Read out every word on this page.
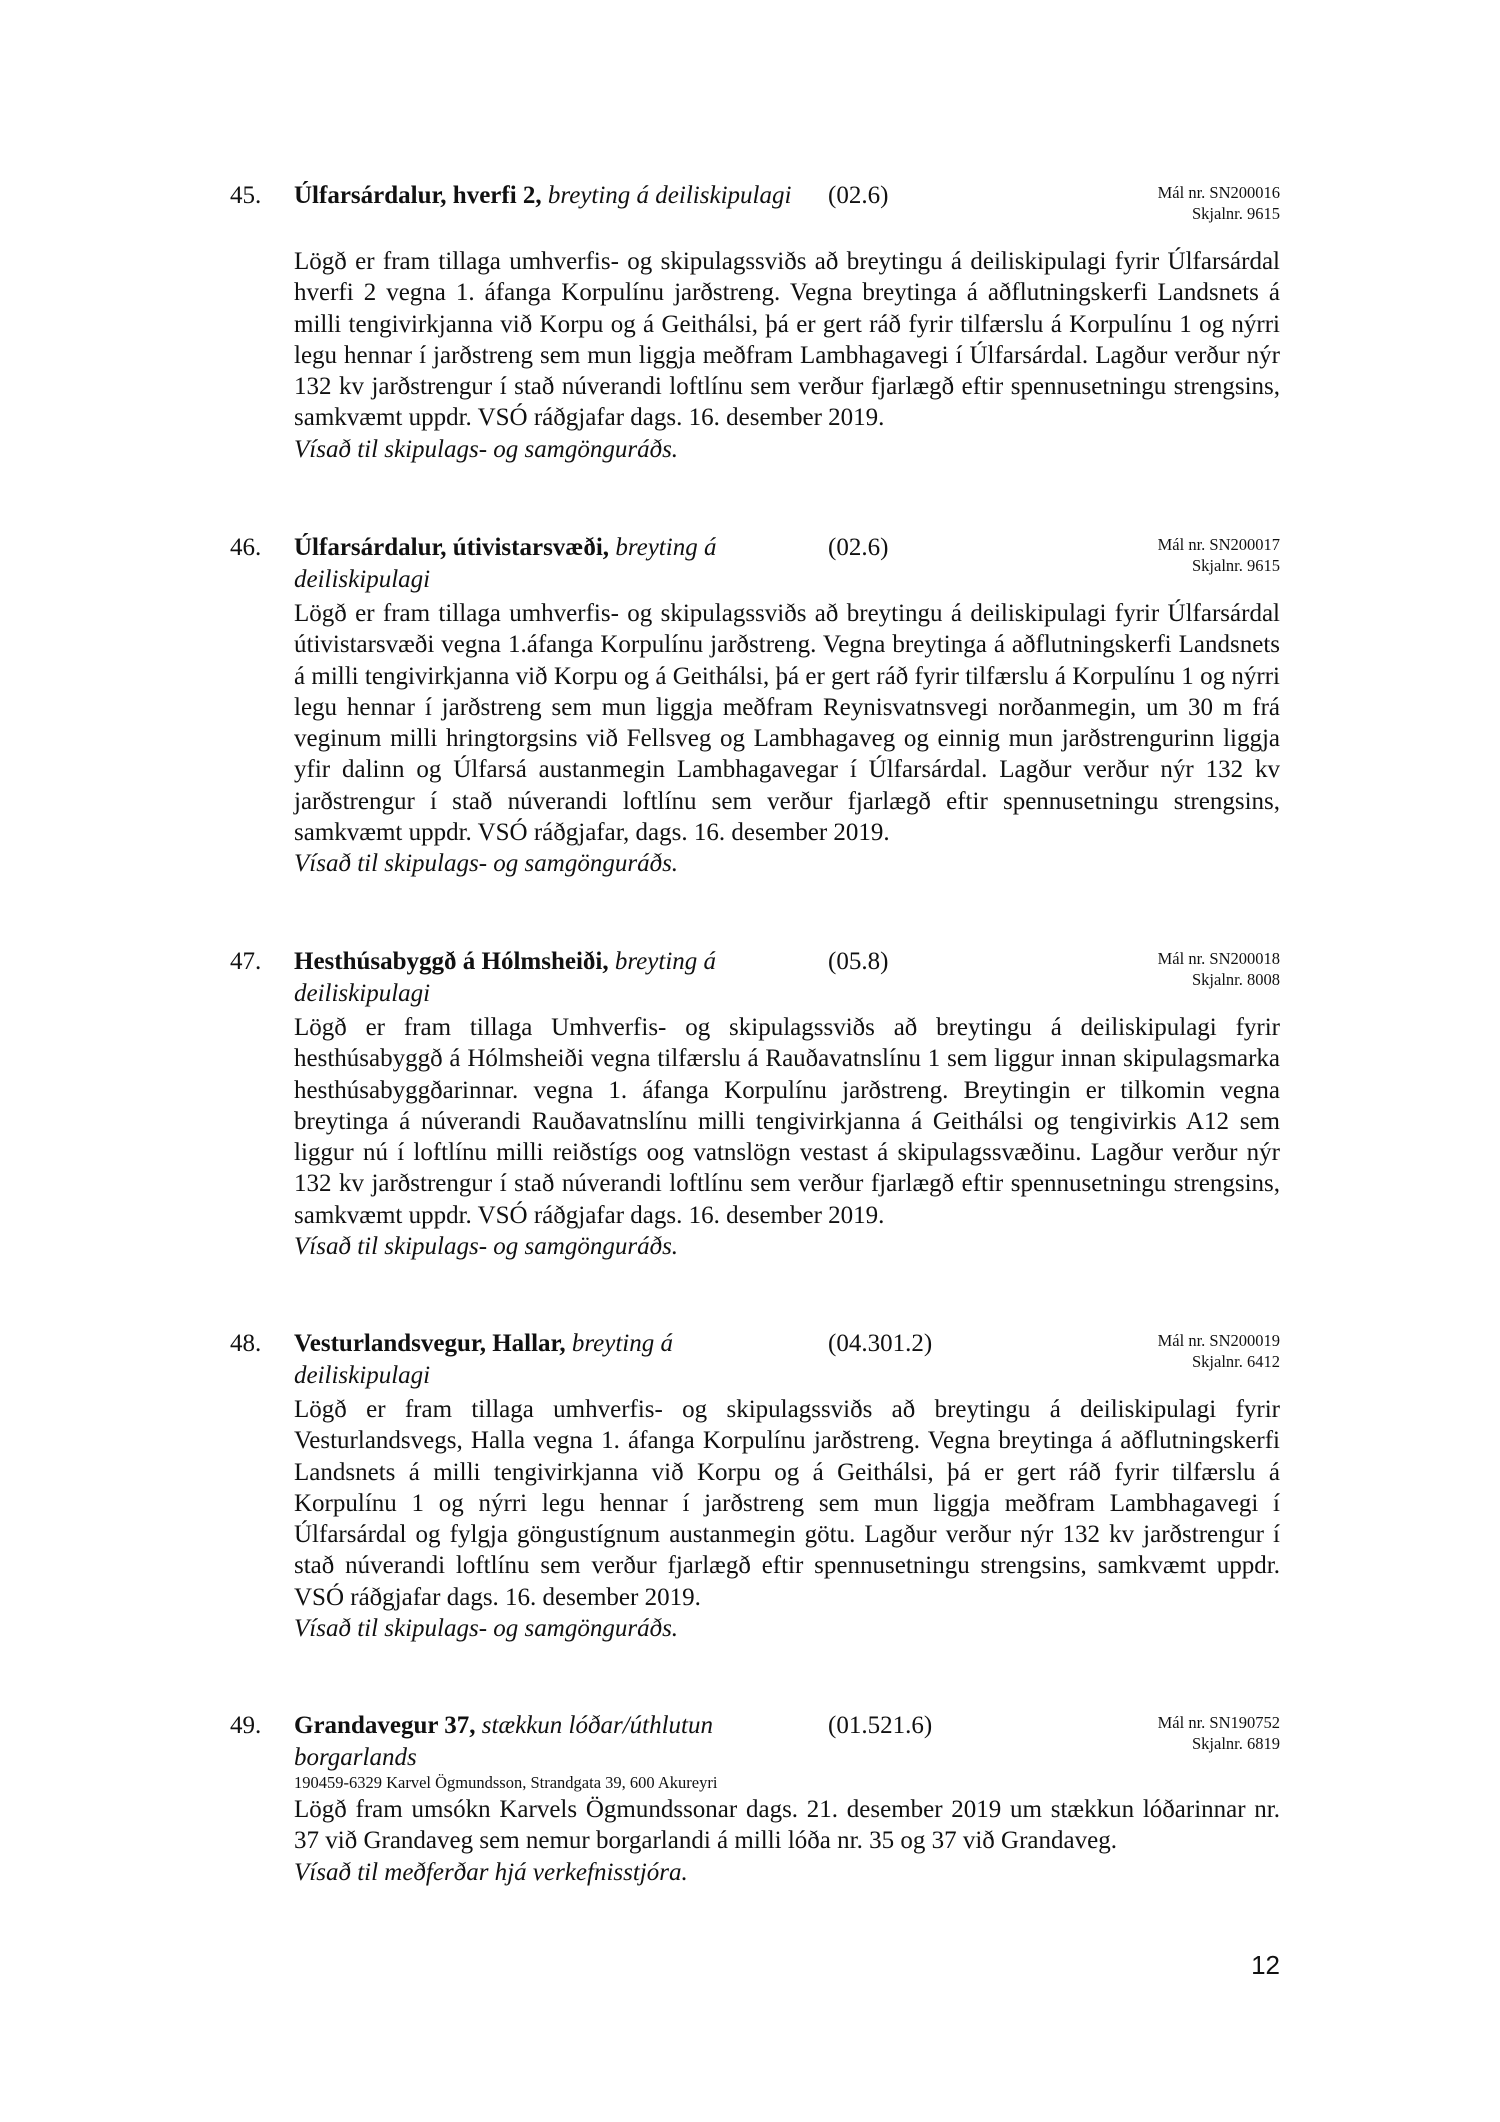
45. Úlfarsárdalur, hverfi 2, breyting á deiliskipulagi	(02.6)	Mál nr. SN200016
Skjalnr. 9615
Lögð er fram tillaga umhverfis- og skipulagssviðs að breytingu á deiliskipulagi fyrir Úlfarsárdal hverfi 2 vegna 1. áfanga Korpulínu jarðstreng. Vegna breytinga á aðflutningskerfi Landsnets á milli tengivirkjanna við Korpu og á Geithálsi, þá er gert ráð fyrir tilfærslu á Korpulínu 1 og nýrri legu hennar í jarðstreng sem mun liggja meðfram Lambhagavegi í Úlfarsárdal. Lagður verður nýr 132 kv jarðstrengur í stað núverandi loftlínu sem verður fjarlægð eftir spennusetningu strengsins, samkvæmt uppdr. VSÓ ráðgjafar dags. 16. desember 2019.
Vísað til skipulags- og samgönguráðs.
46. Úlfarsárdalur, útivistarsvæði, breyting á deiliskipulagi
(02.6)	Mál nr. SN200017
Skjalnr. 9615
Lögð er fram tillaga umhverfis- og skipulagssviðs að breytingu á deiliskipulagi fyrir Úlfarsárdal útivistarsvæði vegna 1.áfanga Korpulínu jarðstreng. Vegna breytinga á aðflutningskerfi Landsnets á milli tengivirkjanna við Korpu og á Geithálsi, þá er gert ráð fyrir tilfærslu á Korpulínu 1 og nýrri legu hennar í jarðstreng sem mun liggja meðfram Reynisvatnsvegi norðanmegin, um 30 m frá veginum milli hringtorgsins við Fellsveg og Lambhagaveg og einnig mun jarðstrengurinn liggja yfir dalinn og Úlfarsá austanmegin Lambhagavegar í Úlfarsárdal. Lagður verður nýr 132 kv jarðstrengur í stað núverandi loftlínu sem verður fjarlægð eftir spennusetningu strengsins, samkvæmt uppdr. VSÓ ráðgjafar, dags. 16. desember 2019.
Vísað til skipulags- og samgönguráðs.
47. Hesthúsabyggð á Hólmsheiði, breyting á deiliskipulagi
(05.8)	Mál nr. SN200018
Skjalnr. 8008
Lögð er fram tillaga Umhverfis- og skipulagssviðs að breytingu á deiliskipulagi fyrir hesthúsabyggð á Hólmsheiði vegna tilfærslu á Rauðavatnslínu 1 sem liggur innan skipulagsmarka hesthúsabyggðarinnar. vegna 1. áfanga Korpulínu jarðstreng. Breytingin er tilkomin vegna breytinga á núverandi Rauðavatnslínu milli tengivirkjanna á Geithálsi og tengivirkis A12 sem liggur nú í loftlínu milli reiðstígs oog vatnslögn vestast á skipulagssvæðinu. Lagður verður nýr 132 kv jarðstrengur í stað núverandi loftlínu sem verður fjarlægð eftir spennusetningu strengsins, samkvæmt uppdr. VSÓ ráðgjafar dags. 16. desember 2019.
Vísað til skipulags- og samgönguráðs.
48. Vesturlandsvegur, Hallar, breyting á deiliskipulagi
(04.301.2)	Mál nr. SN200019
Skjalnr. 6412
Lögð er fram tillaga umhverfis- og skipulagssviðs að breytingu á deiliskipulagi fyrir Vesturlandsvegs, Halla vegna 1. áfanga Korpulínu jarðstreng. Vegna breytinga á aðflutningskerfi Landsnets á milli tengivirkjanna við Korpu og á Geithálsi, þá er gert ráð fyrir tilfærslu á Korpulínu 1 og nýrri legu hennar í jarðstreng sem mun liggja meðfram Lambhagavegi í Úlfarsárdal og fylgja göngustígnum austanmegin götu. Lagður verður nýr 132 kv jarðstrengur í stað núverandi loftlínu sem verður fjarlægð eftir spennusetningu strengsins, samkvæmt uppdr. VSÓ ráðgjafar dags. 16. desember 2019.
Vísað til skipulags- og samgönguráðs.
49. Grandavegur 37, stækkun lóðar/úthlutun borgarlands
(01.521.6)	Mál nr. SN190752
Skjalnr. 6819
190459-6329 Karvel Ögmundsson, Strandgata 39, 600 Akureyri
Lögð fram umsókn Karvels Ögmundssonar dags. 21. desember 2019 um stækkun lóðarinnar nr. 37 við Grandaveg sem nemur borgarlandi á milli lóða nr. 35 og 37 við Grandaveg.
Vísað til meðferðar hjá verkefnisstjóra.
12
